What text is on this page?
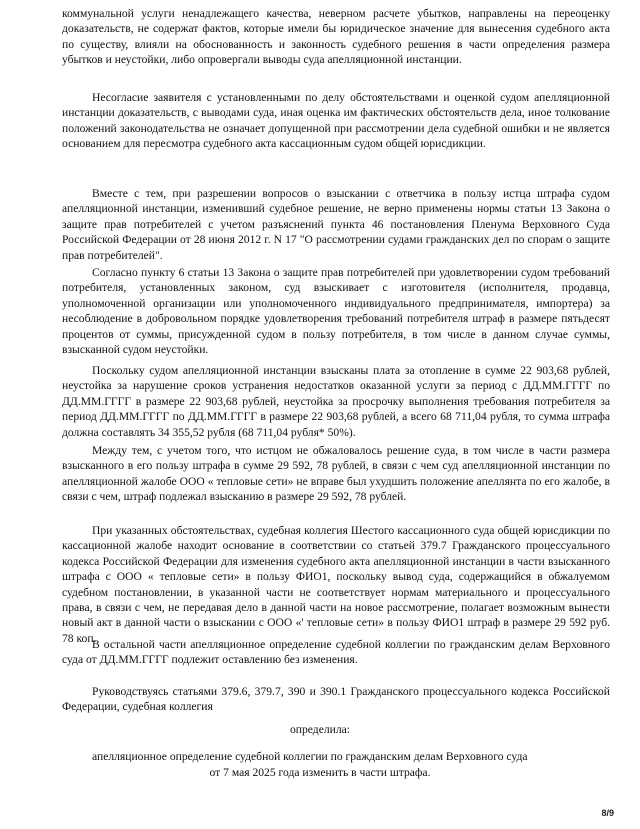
коммунальной услуги ненадлежащего качества, неверном расчете убытков, направлены на переоценку доказательств, не содержат фактов, которые имели бы юридическое значение для вынесения судебного акта по существу, влияли на обоснованность и законность судебного решения в части определения размера убытков и неустойки, либо опровергали выводы суда апелляционной инстанции.

Несогласие заявителя с установленными по делу обстоятельствами и оценкой судом апелляционной инстанции доказательств, с выводами суда, иная оценка им фактических обстоятельств дела, иное толкование положений законодательства не означает допущенной при рассмотрении дела судебной ошибки и не является основанием для пересмотра судебного акта кассационным судом общей юрисдикции.

Вместе с тем, при разрешении вопросов о взыскании с ответчика в пользу истца штрафа судом апелляционной инстанции, изменивший судебное решение, не верно применены нормы статьи 13 Закона о защите прав потребителей с учетом разъяснений пункта 46 постановления Пленума Верховного Суда Российской Федерации от 28 июня 2012 г. N 17 "О рассмотрении судами гражданских дел по спорам о защите прав потребителей".

Согласно пункту 6 статьи 13 Закона о защите прав потребителей при удовлетворении судом требований потребителя, установленных законом, суд взыскивает с изготовителя (исполнителя, продавца, уполномоченной организации или уполномоченного индивидуального предпринимателя, импортера) за несоблюдение в добровольном порядке удовлетворения требований потребителя штраф в размере пятьдесят процентов от суммы, присужденной судом в пользу потребителя, в том числе в данном случае суммы, взысканной судом неустойки.

Поскольку судом апелляционной инстанции взысканы плата за отопление в сумме 22 903,68 рублей, неустойка за нарушение сроков устранения недостатков оказанной услуги за период с ДД.ММ.ГГГГ по ДД.ММ.ГГГГ в размере 22 903,68 рублей, неустойка за просрочку выполнения требования потребителя за период ДД.ММ.ГГГГ по ДД.ММ.ГГГГ в размере 22 903,68 рублей, а всего 68 711,04 рубля, то сумма штрафа должна составлять 34 355,52 рубля (68 711,04 рубля* 50%).

Между тем, с учетом того, что истцом не обжаловалось решение суда, в том числе в части размера взысканного в его пользу штрафа в сумме 29 592, 78 рублей, в связи с чем суд апелляционной инстанции по апелляционной жалобе ООО « тепловые сети» не вправе был ухудшить положение апеллянта по его жалобе, в связи с чем, штраф подлежал взысканию в размере 29 592, 78 рублей.

При указанных обстоятельствах, судебная коллегия Шестого кассационного суда общей юрисдикции по кассационной жалобе находит основание в соответствии со статьей 379.7 Гражданского процессуального кодекса Российской Федерации для изменения судебного акта апелляционной инстанции в части взысканного штрафа с ООО « тепловые сети» в пользу ФИО1, поскольку вывод суда, содержащийся в обжалуемом судебном постановлении, в указанной части не соответствует нормам материального и процессуального права, в связи с чем, не передавая дело в данной части на новое рассмотрение, полагает возможным вынести новый акт в данной части о взыскании с ООО «' тепловые сети» в пользу ФИО1 штраф в размере 29 592 руб. 78 коп.

В остальной части апелляционное определение судебной коллегии по гражданским делам Верховного суда от ДД.ММ.ГГГГ подлежит оставлению без изменения.

Руководствуясь статьями 379.6, 379.7, 390 и 390.1 Гражданского процессуального кодекса Российской Федерации, судебная коллегия

определила:

апелляционное определение судебной коллегии по гражданским делам Верховного суда

от 7 мая 2025 года изменить в части штрафа.

8/9
